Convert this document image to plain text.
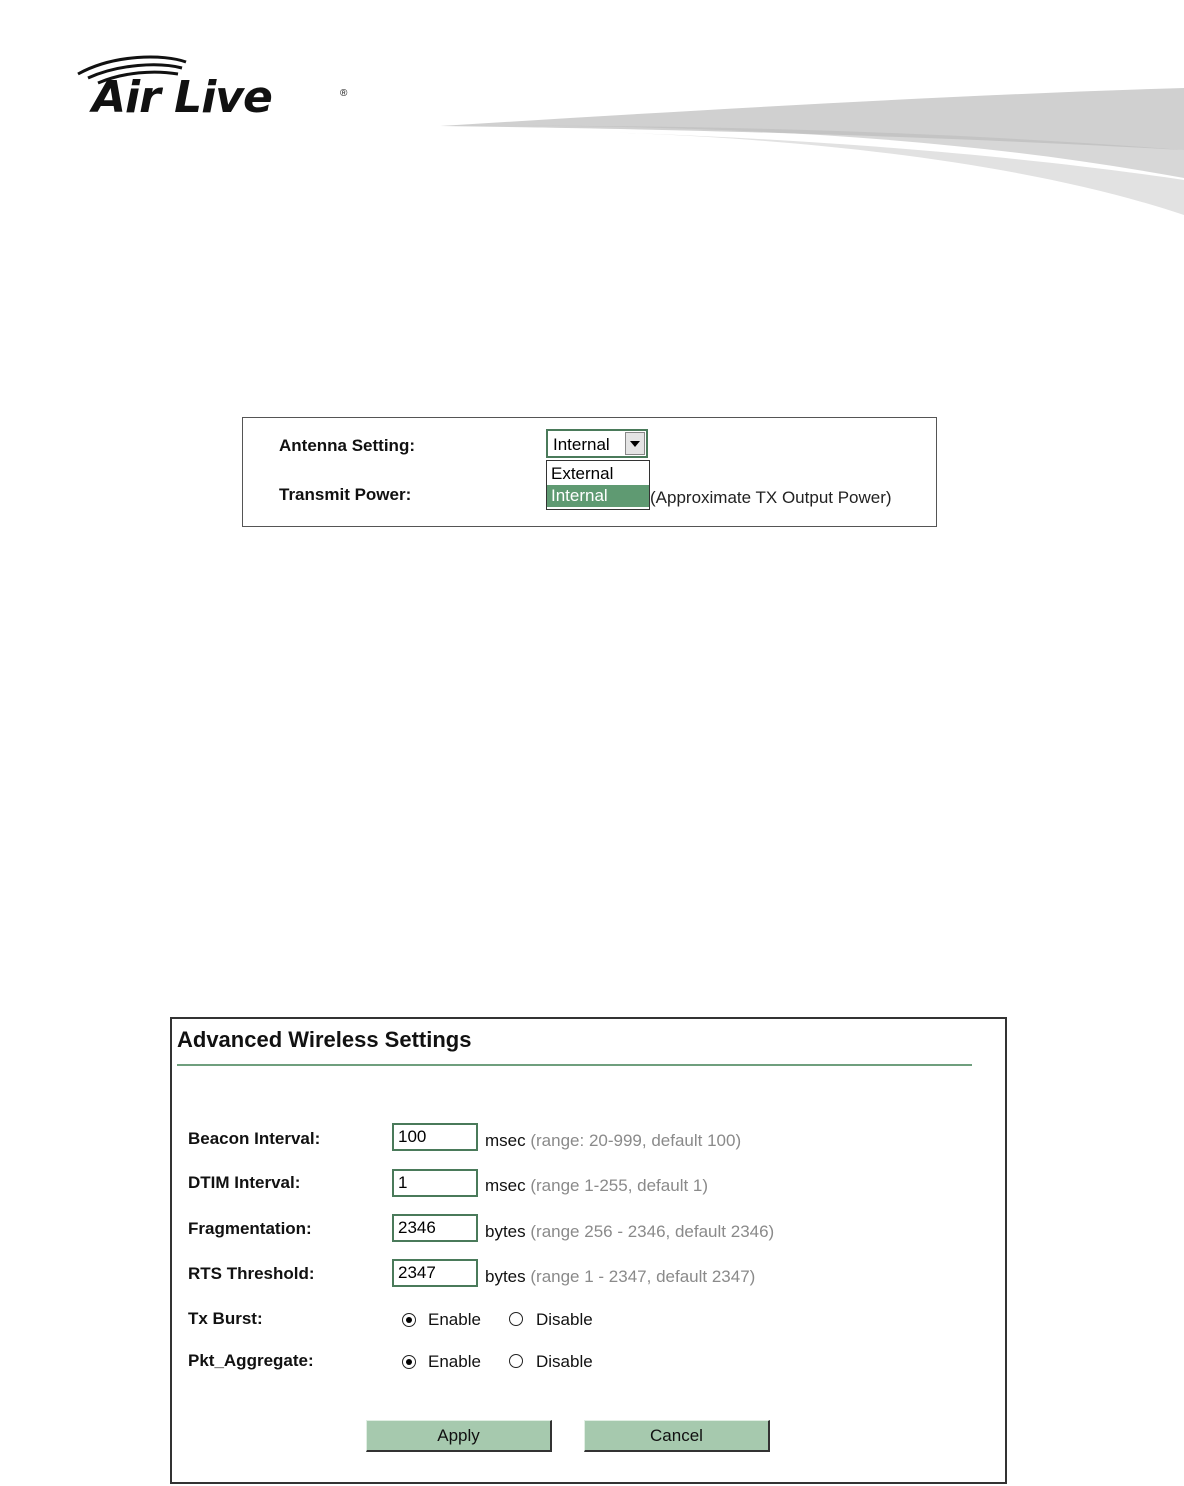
Air Live	®
Antenna Setting:	Internal
External
Internal
Transmit Power:	(Approximate TX Output Power)
Advanced Wireless Settings
Beacon Interval:	100	msec (range: 20-999, default 100)
DTIM Interval:	1	msec (range 1-255, default 1)
Fragmentation:	2346	bytes (range 256 - 2346, default 2346)
RTS Threshold:	2347	bytes (range 1 - 2347, default 2347)
Tx Burst:	Enable	Disable
Pkt_Aggregate:	Enable	Disable
Apply	Cancel
